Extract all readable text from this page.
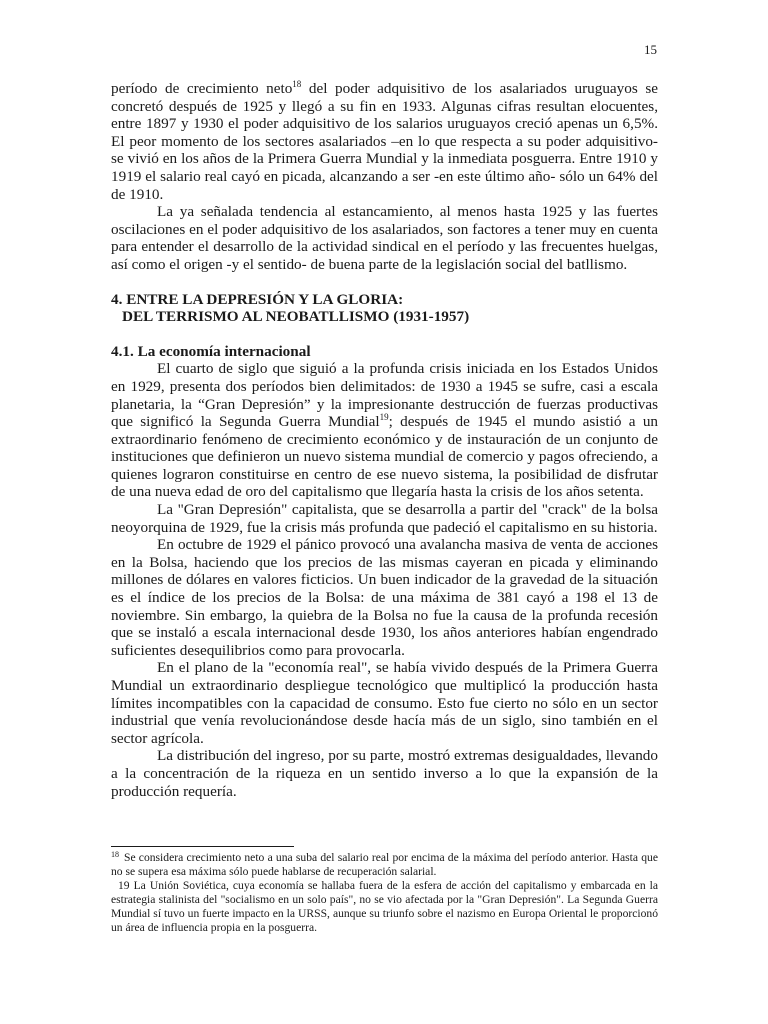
15

período de crecimiento neto$^{18}$ del poder adquisitivo de los asalariados uruguayos se concretó después de 1925 y llegó a su fin en 1933. Algunas cifras resultan elocuentes, entre 1897 y 1930 el poder adquisitivo de los salarios uruguayos creció apenas un 6,5%. El peor momento de los sectores asalariados –en lo que respecta a su poder adquisitivo- se vivió en los años de la Primera Guerra Mundial y la inmediata posguerra. Entre 1910 y 1919 el salario real cayó en picada, alcanzando a ser -en este último año- sólo un 64% del de 1910.

La ya señalada tendencia al estancamiento, al menos hasta 1925 y las fuertes oscilaciones en el poder adquisitivo de los asalariados, son factores a tener muy en cuenta para entender el desarrollo de la actividad sindical en el período y las frecuentes huelgas, así como el origen -y el sentido- de buena parte de la legislación social del batllismo.

4. ENTRE LA DEPRESIÓN Y LA GLORIA:
DEL TERRISMO AL NEOBATLLISMO (1931-1957)
4.1. La economía internacional

El cuarto de siglo que siguió a la profunda crisis iniciada en los Estados Unidos en 1929, presenta dos períodos bien delimitados: de 1930 a 1945 se sufre, casi a escala planetaria, la “Gran Depresión” y la impresionante destrucción de fuerzas productivas que significó la Segunda Guerra Mundial$^{19}$; después de 1945 el mundo asistió a un extraordinario fenómeno de crecimiento económico y de instauración de un conjunto de instituciones que definieron un nuevo sistema mundial de comercio y pagos ofreciendo, a quienes lograron constituirse en centro de ese nuevo sistema, la posibilidad de disfrutar de una nueva edad de oro del capitalismo que llegaría hasta la crisis de los años setenta.

La "Gran Depresión" capitalista, que se desarrolla a partir del "crack" de la bolsa neoyorquina de 1929, fue la crisis más profunda que padeció el capitalismo en su historia.

En octubre de 1929 el pánico provocó una avalancha masiva de venta de acciones en la Bolsa, haciendo que los precios de las mismas cayeran en picada y eliminando millones de dólares en valores ficticios. Un buen indicador de la gravedad de la situación es el índice de los precios de la Bolsa: de una máxima de 381 cayó a 198 el 13 de noviembre. Sin embargo, la quiebra de la Bolsa no fue la causa de la profunda recesión que se instaló a escala internacional desde 1930, los años anteriores habían engendrado suficientes desequilibrios como para provocarla.

En el plano de la "economía real", se había vivido después de la Primera Guerra Mundial un extraordinario despliegue tecnológico que multiplicó la producción hasta límites incompatibles con la capacidad de consumo. Esto fue cierto no sólo en un sector industrial que venía revolucionándose desde hacía más de un siglo, sino también en el sector agrícola.

La distribución del ingreso, por su parte, mostró extremas desigualdades, llevando a la concentración de la riqueza en un sentido inverso a lo que la expansión de la producción requería.

$^{18}$ Se considera crecimiento neto a una suba del salario real por encima de la máxima del período anterior. Hasta que no se supera esa máxima sólo puede hablarse de recuperación salarial.

19 La Unión Soviética, cuya economía se hallaba fuera de la esfera de acción del capitalismo y embarcada en la estrategia stalinista del "socialismo en un solo país", no se vio afectada por la "Gran Depresión". La Segunda Guerra Mundial sí tuvo un fuerte impacto en la URSS, aunque su triunfo sobre el nazismo en Europa Oriental le proporcionó un área de influencia propia en la posguerra.
